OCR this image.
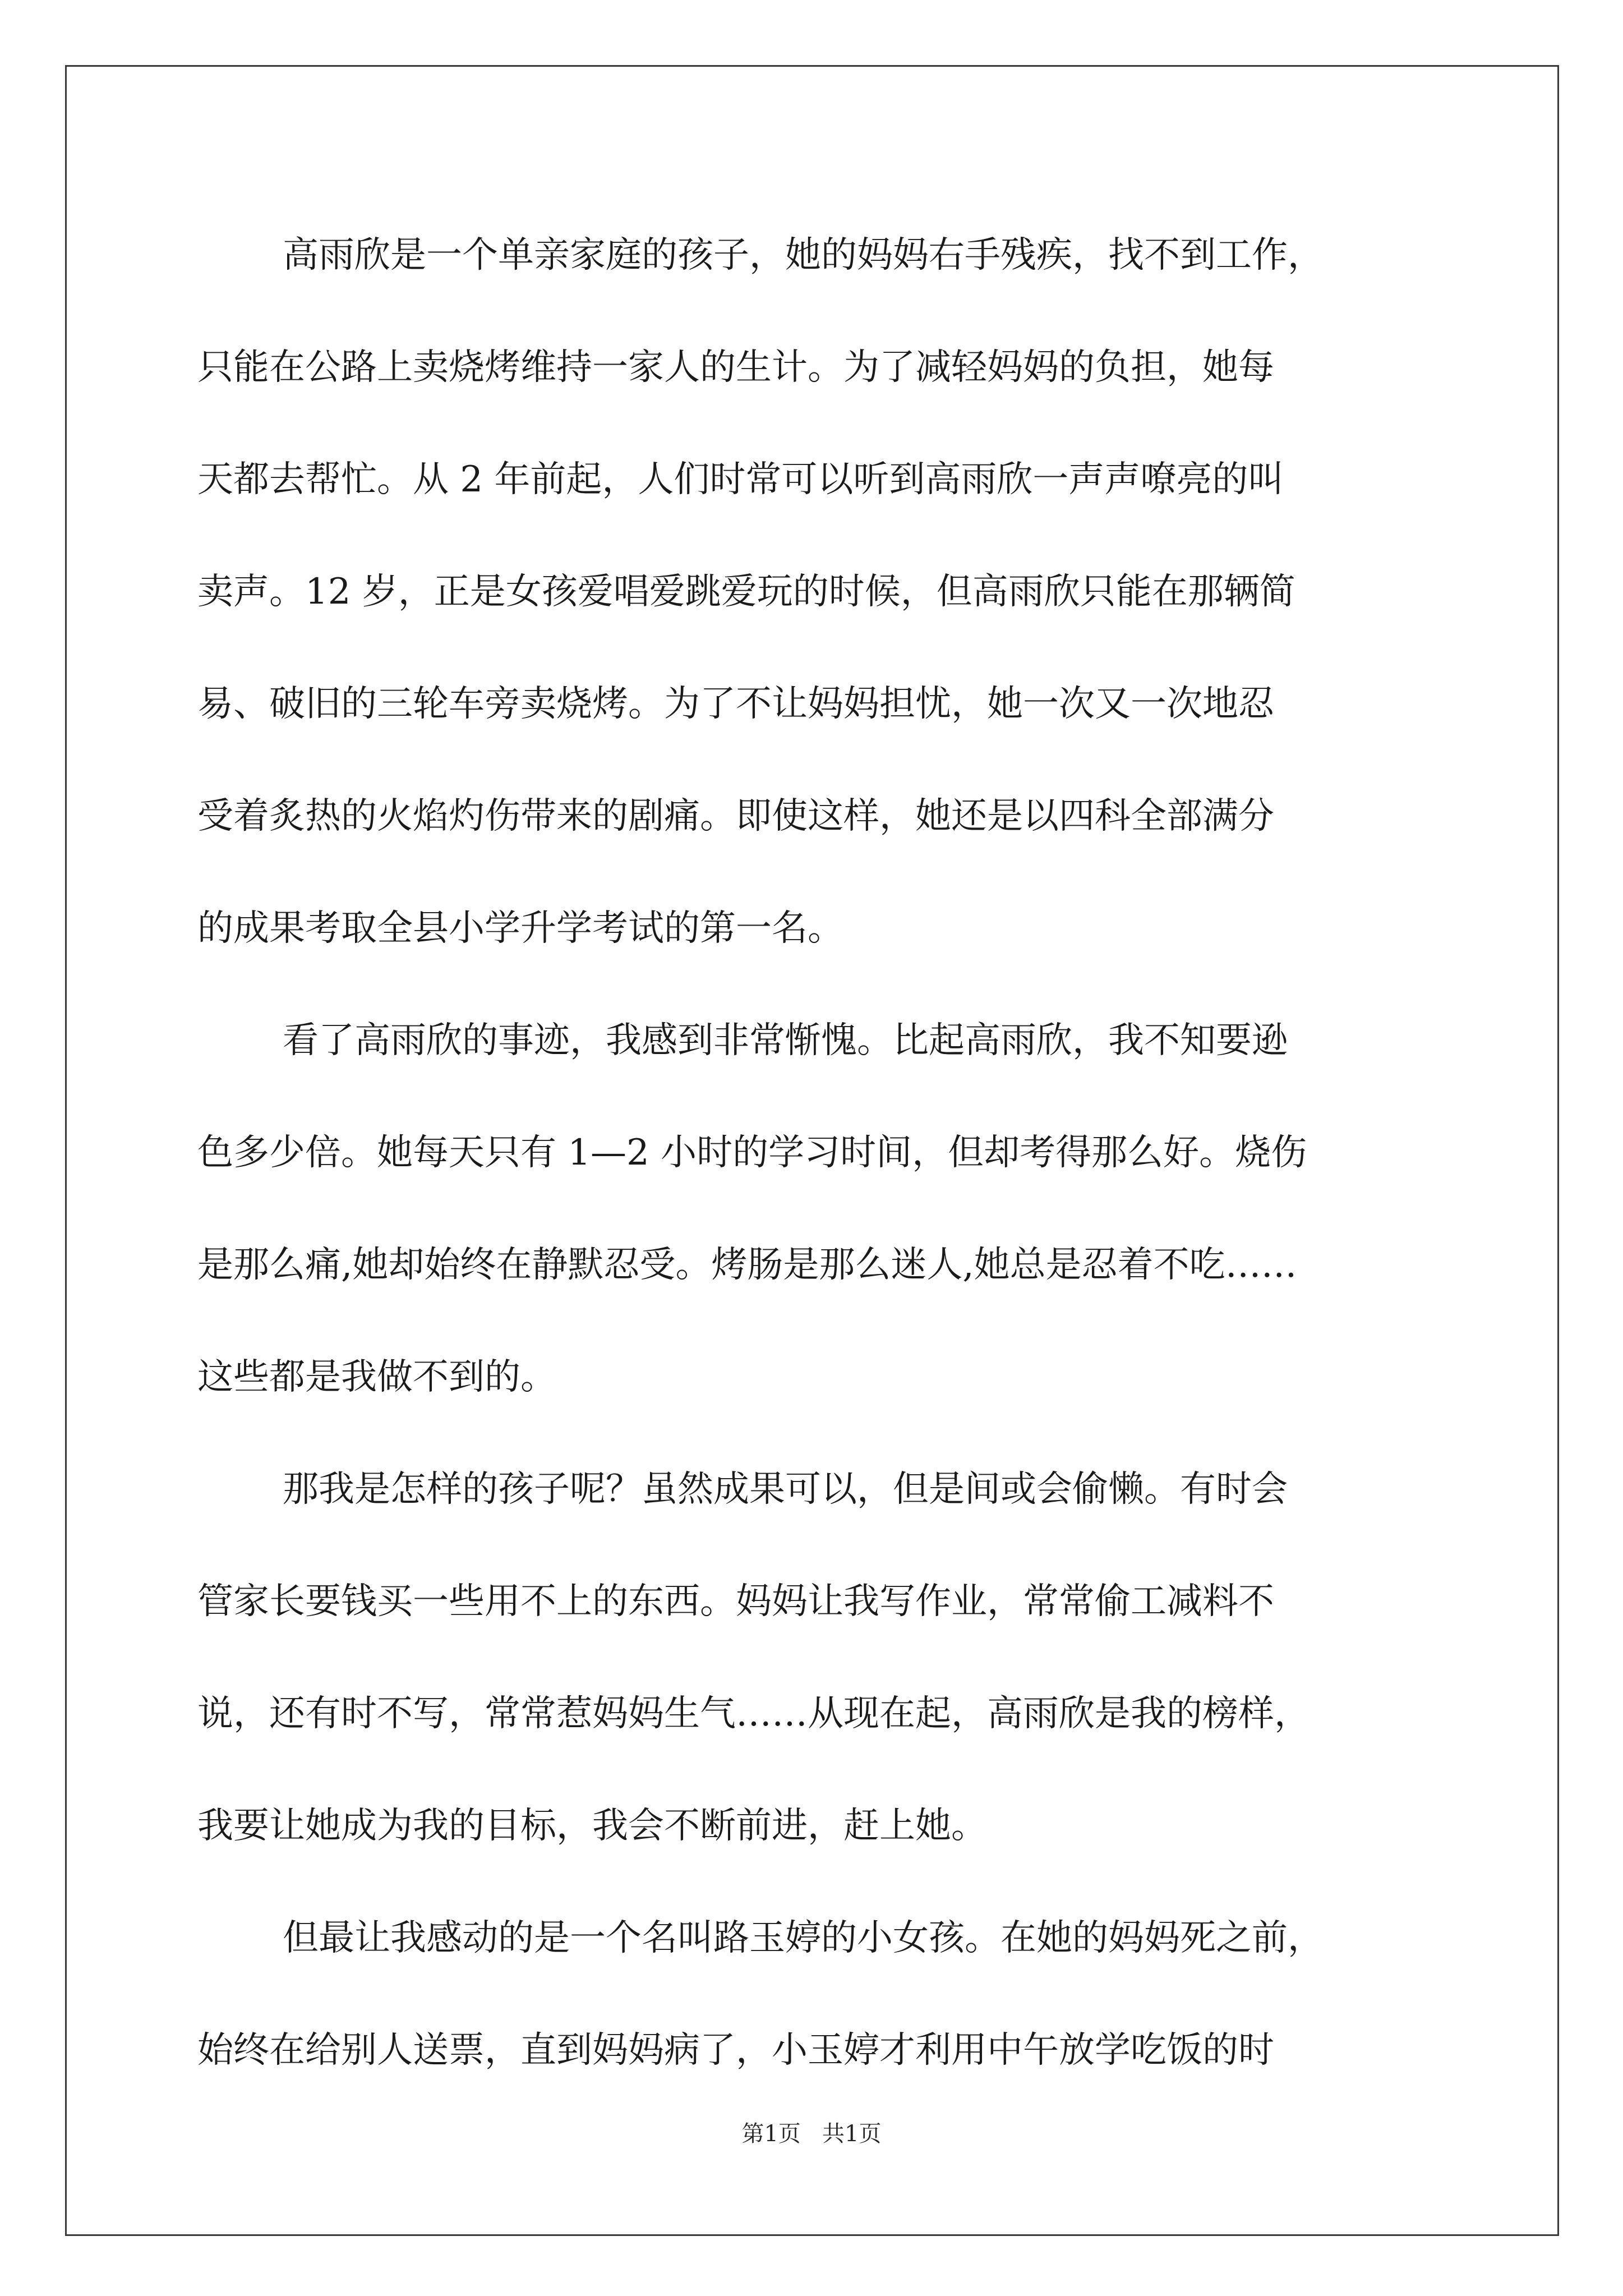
高雨欣是一个单亲家庭的孩子，她的妈妈右手残疾，找不到工作，
只能在公路上卖烧烤维持一家人的生计。为了减轻妈妈的负担，她每
天都去帮忙。从 2 年前起，人们时常可以听到高雨欣一声声嘹亮的叫
卖声。12 岁，正是女孩爱唱爱跳爱玩的时候，但高雨欣只能在那辆简
易、破旧的三轮车旁卖烧烤。为了不让妈妈担忧，她一次又一次地忍
受着炙热的火焰灼伤带来的剧痛。即使这样，她还是以四科全部满分
的成果考取全县小学升学考试的第一名。
看了高雨欣的事迹，我感到非常惭愧。比起高雨欣，我不知要逊
色多少倍。她每天只有 1—2 小时的学习时间，但却考得那么好。烧伤
是那么痛,她却始终在静默忍受。烤肠是那么迷人,她总是忍着不吃……
这些都是我做不到的。
那我是怎样的孩子呢？虽然成果可以，但是间或会偷懒。有时会
管家长要钱买一些用不上的东西。妈妈让我写作业，常常偷工减料不
说，还有时不写，常常惹妈妈生气……从现在起，高雨欣是我的榜样，
我要让她成为我的目标，我会不断前进，赶上她。
但最让我感动的是一个名叫路玉婷的小女孩。在她的妈妈死之前，
始终在给别人送票，直到妈妈病了，小玉婷才利用中午放学吃饭的时
第1页   共1页
